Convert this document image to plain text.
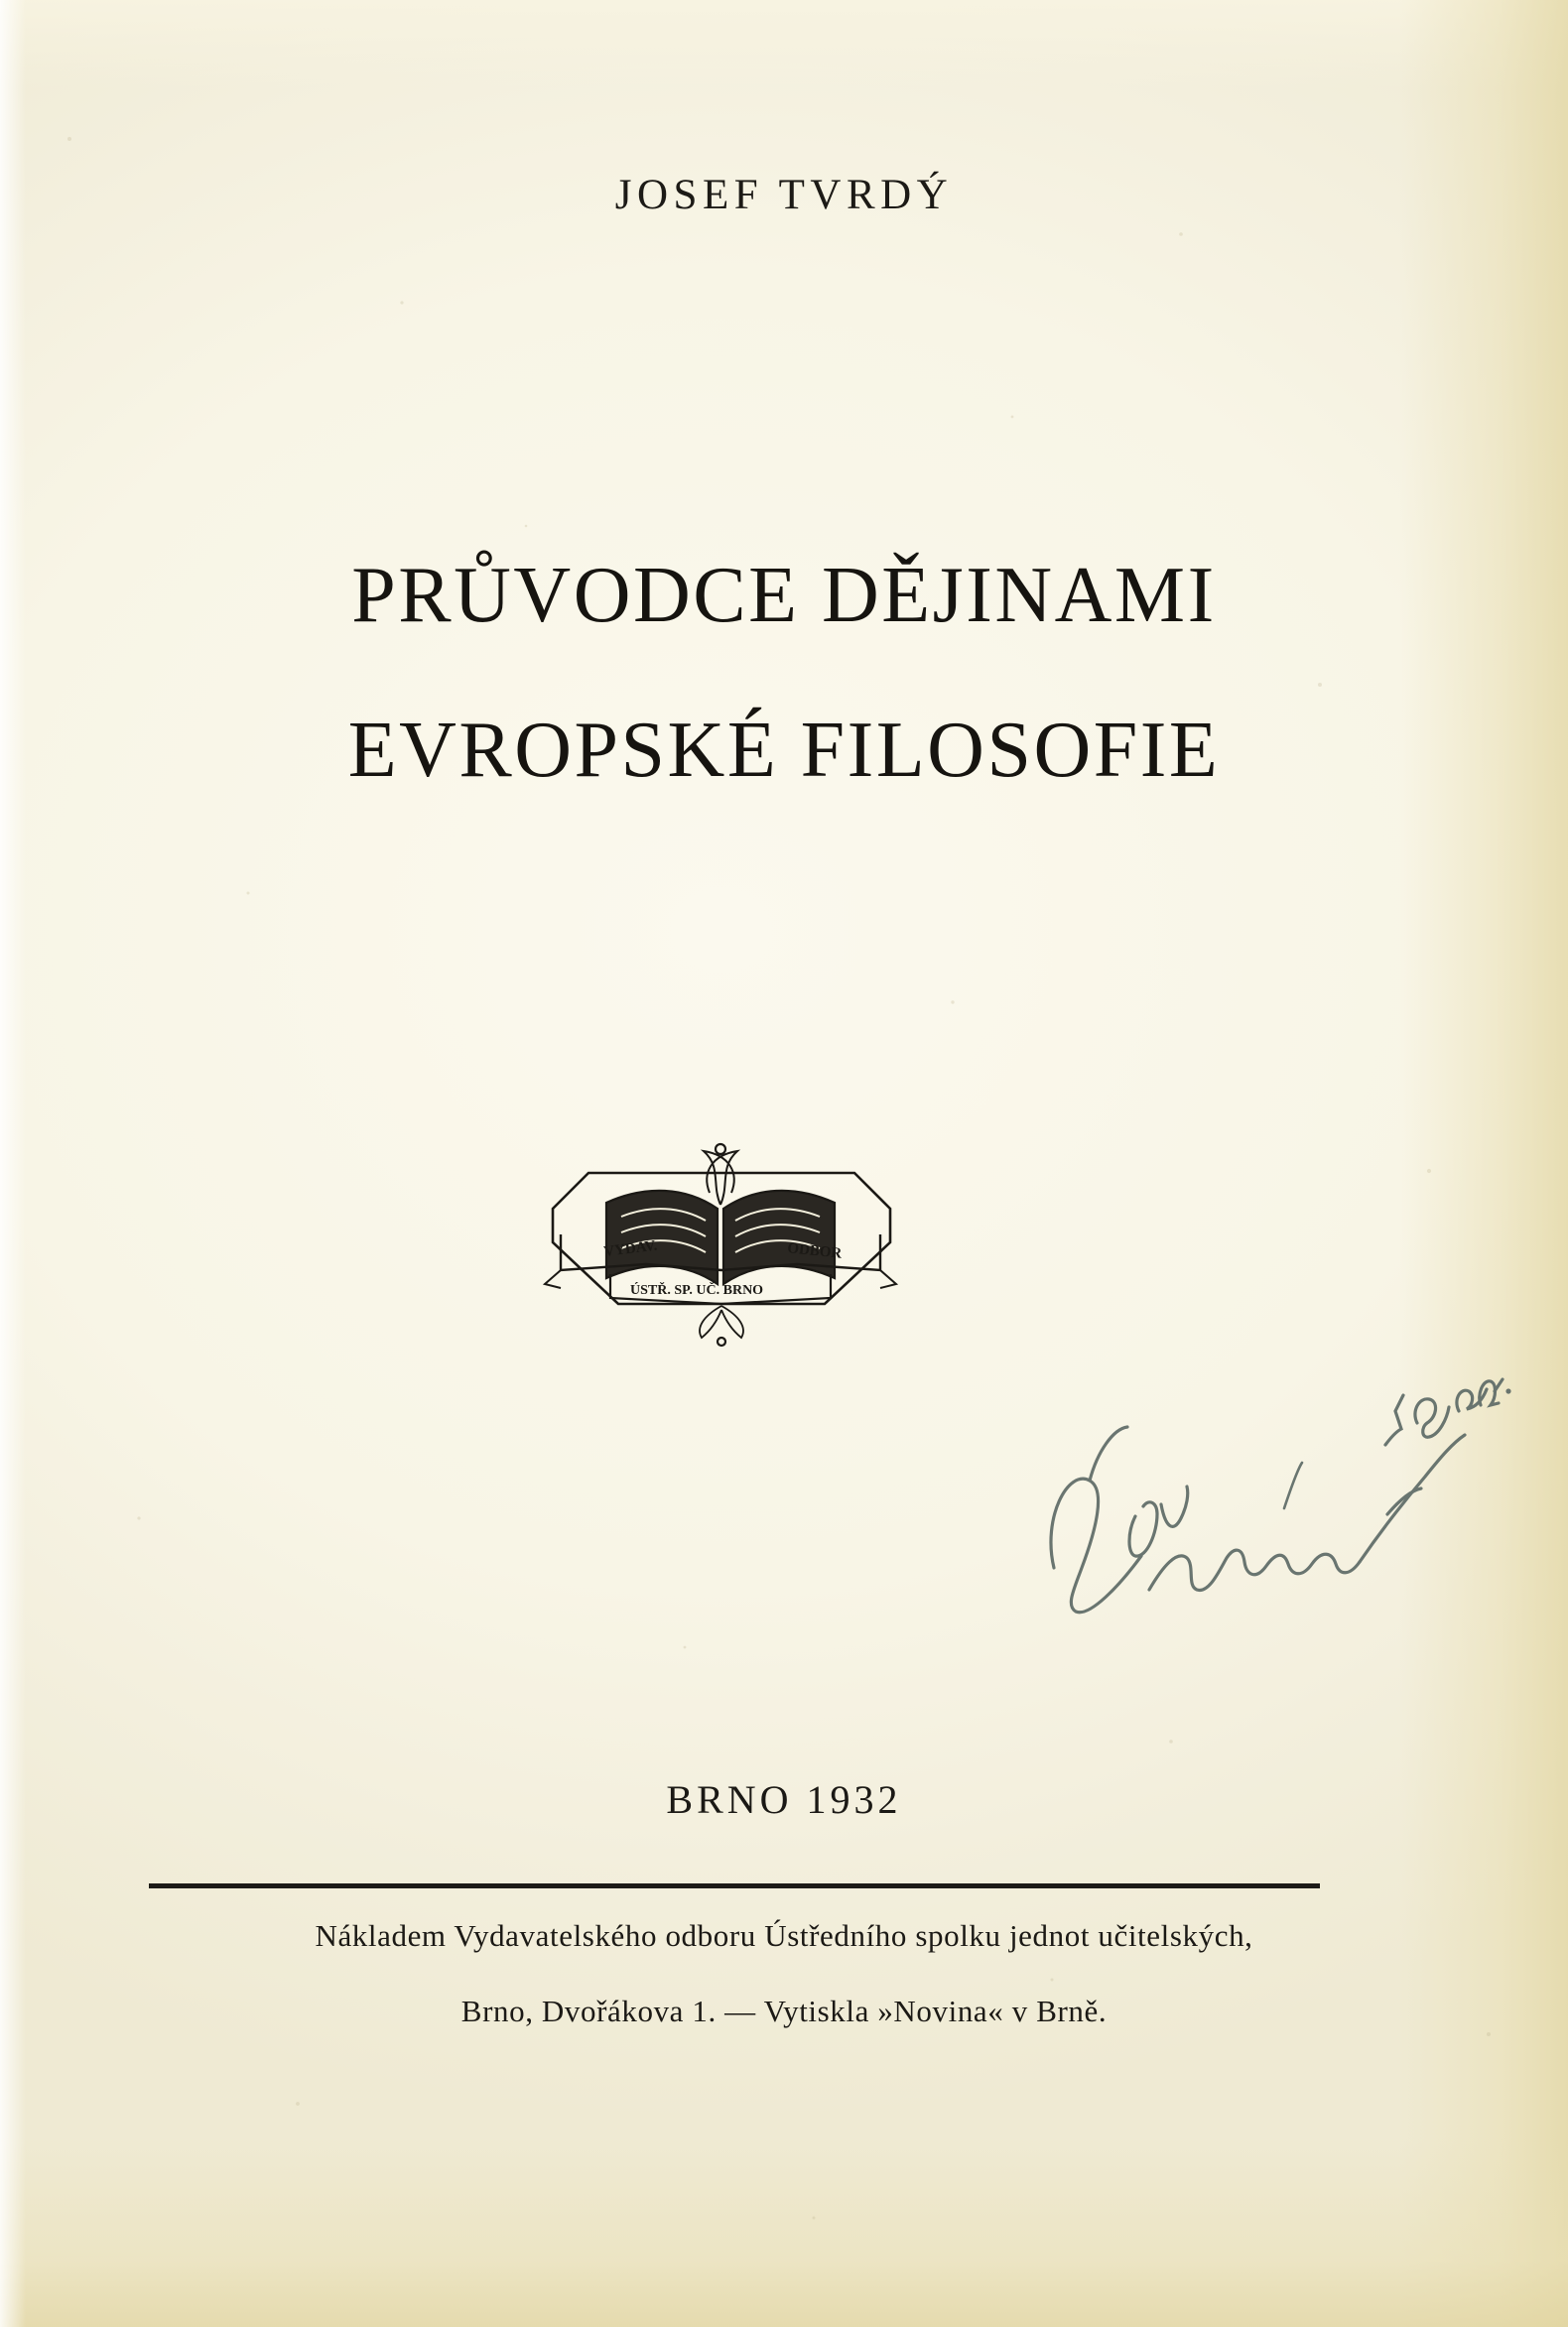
JOSEF TVRDÝ
PRŮVODCE DĚJINAMI
EVROPSKÉ FILOSOFIE
VYDAV.	ODBOR
ÚSTŘ. SP. UČ. BRNO
BRNO 1932
Nákladem Vydavatelského odboru Ústředního spolku jednot učitelských,
Brno, Dvořákova 1. — Vytiskla »Novina« v Brně.
